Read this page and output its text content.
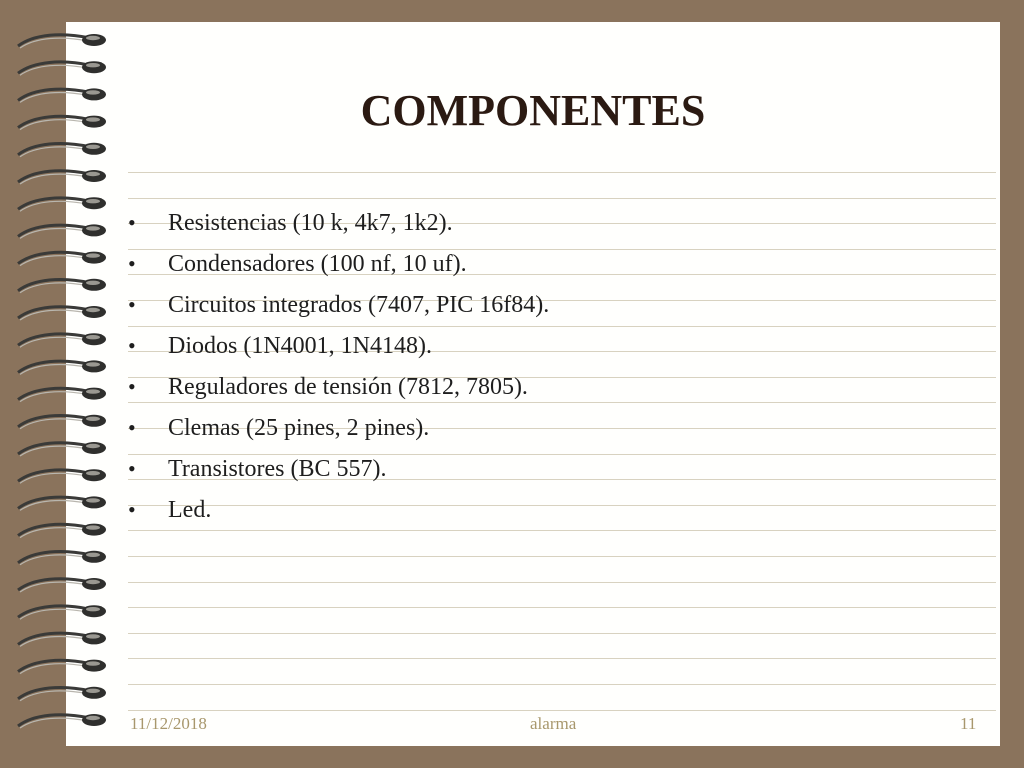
COMPONENTES
• Resistencias (10 k, 4k7, 1k2).
• Condensadores (100 nf, 10 uf).
• Circuitos integrados (7407, PIC 16f84).
• Diodos (1N4001, 1N4148).
• Reguladores de tensión (7812, 7805).
• Clemas (25 pines, 2 pines).
• Transistores (BC 557).
• Led.
11/12/2018	alarma	11
